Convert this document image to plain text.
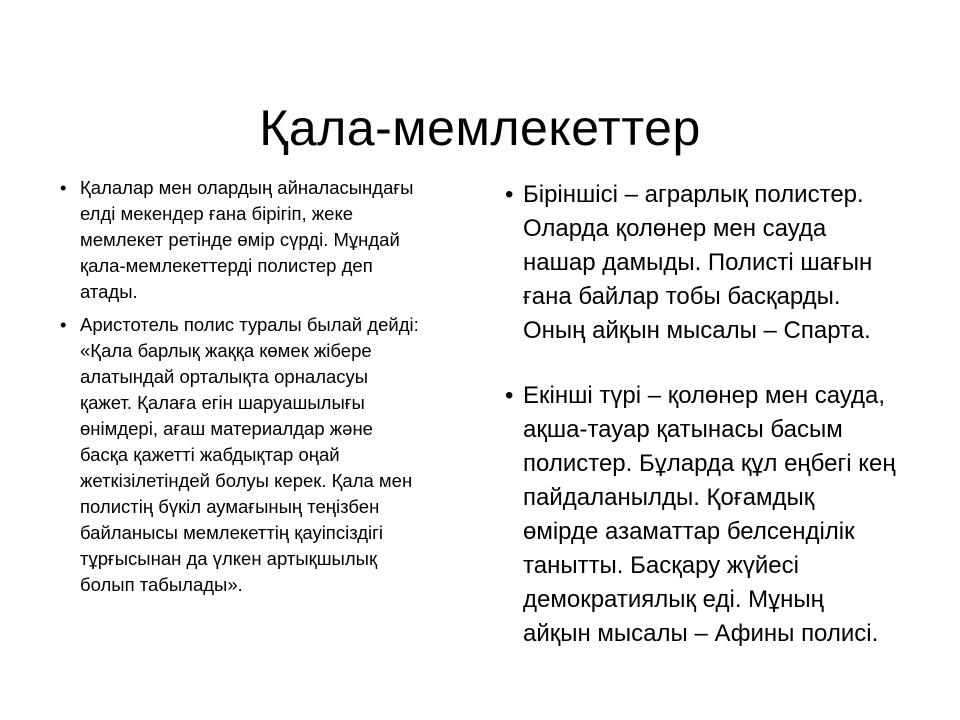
Қала-мемлекеттер
• Қалалар мен олардың айналасындағы
елді мекендер ғана бірігіп, жеке
мемлекет ретінде өмір сүрді. Мұндай
қала-мемлекеттерді полистер деп
атады.
• Аристотель полис туралы былай дейді:
«Қала барлық жаққа көмек жібере
алатындай орталықта орналасуы
қажет. Қалаға егін шаруашылығы
өнімдері, ағаш материалдар және
басқа қажетті жабдықтар оңай
жеткізілетіндей болуы керек. Қала мен
полистің бүкіл аумағының теңізбен
байланысы мемлекеттің қауіпсіздігі
тұрғысынан да үлкен артықшылық
болып табылады».
• Біріншісі – аграрлық полистер.
Оларда қолөнер мен сауда
нашар дамыды. Полисті шағын
ғана байлар тобы басқарды.
Оның айқын мысалы – Спарта.
• Екінші түрі – қолөнер мен сауда,
ақша-тауар қатынасы басым
полистер. Бұларда құл еңбегі кең
пайдаланылды. Қоғамдық
өмірде азаматтар белсенділік
танытты. Басқару жүйесі
демократиялық еді. Мұның
айқын мысалы – Афины полисі.
